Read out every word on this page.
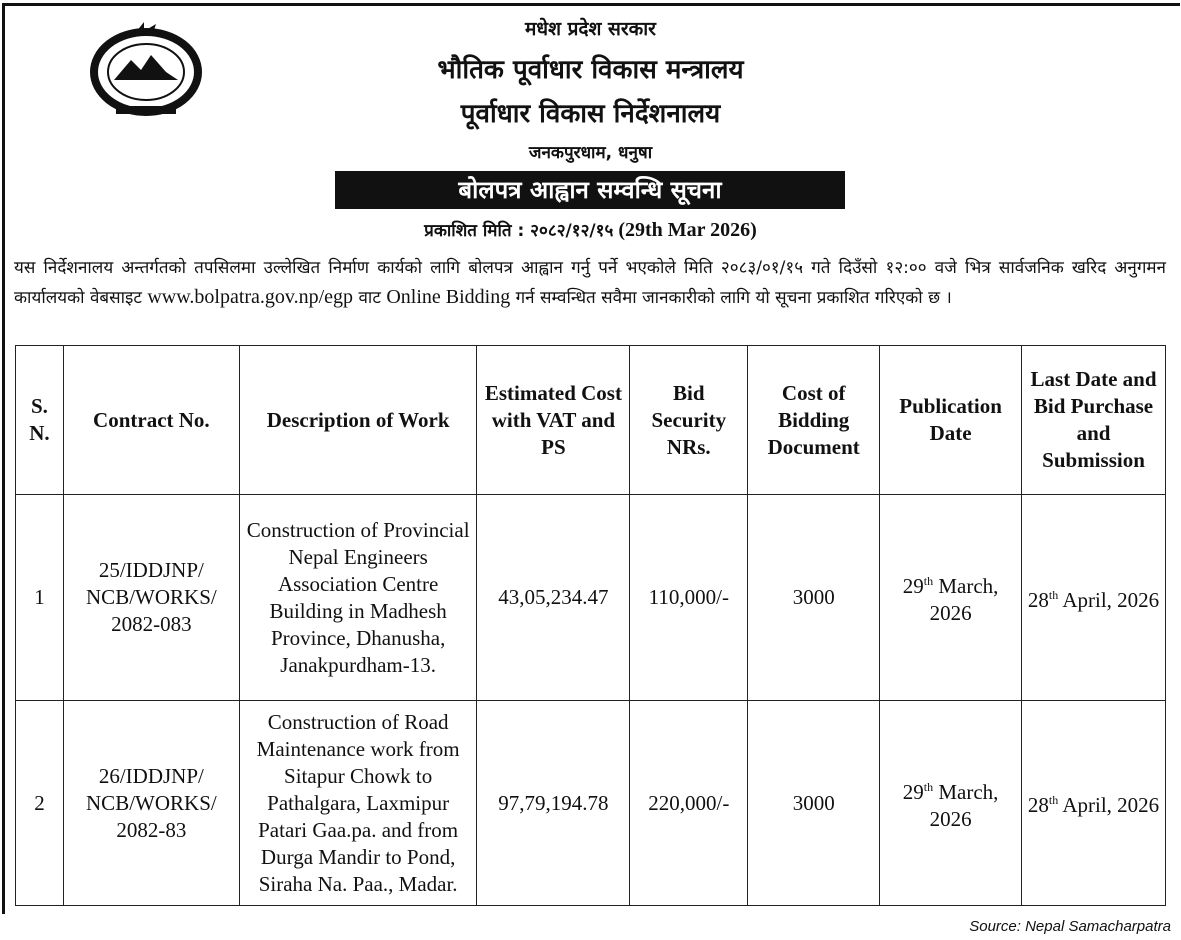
मधेश प्रदेश सरकार
भौतिक पूर्वाधार विकास मन्त्रालय
पूर्वाधार विकास निर्देशनालय
जनकपुरधाम, धनुषा
बोलपत्र आह्वान सम्वन्धि सूचना
प्रकाशित मिति : २०८२/१२/१५ (29th Mar 2026)
यस निर्देशनालय अन्तर्गतको तपसिलमा उल्लेखित निर्माण कार्यको लागि बोलपत्र आह्वान गर्नु पर्ने भएकोले मिति २०८३/०१/१५ गते दिउँसो १२:०० वजे भित्र सार्वजनिक खरिद अनुगमन कार्यालयको वेबसाइट www.bolpatra.gov.np/egp वाट Online Bidding गर्न सम्वन्धित सवैमा जानकारीको लागि यो सूचना प्रकाशित गरिएको छ ।
S. N.	Contract No.	Description of Work	Estimated Cost with VAT and PS	Bid Security NRs.	Cost of Bidding Document	Publication Date	Last Date and Bid Purchase and Submission
1	25/IDDJNP/ NCB/WORKS/ 2082-083	Construction of Provincial Nepal Engineers Association Centre Building in Madhesh Province, Dhanusha, Janakpurdham-13.	43,05,234.47	110,000/-	3000	29th March, 2026	28th April, 2026
2	26/IDDJNP/ NCB/WORKS/ 2082-83	Construction of Road Maintenance work from Sitapur Chowk to Pathalgara, Laxmipur Patari Gaa.pa. and from Durga Mandir to Pond, Siraha Na. Paa., Madar.	97,79,194.78	220,000/-	3000	29th March, 2026	28th April, 2026
Source: Nepal Samacharpatra
